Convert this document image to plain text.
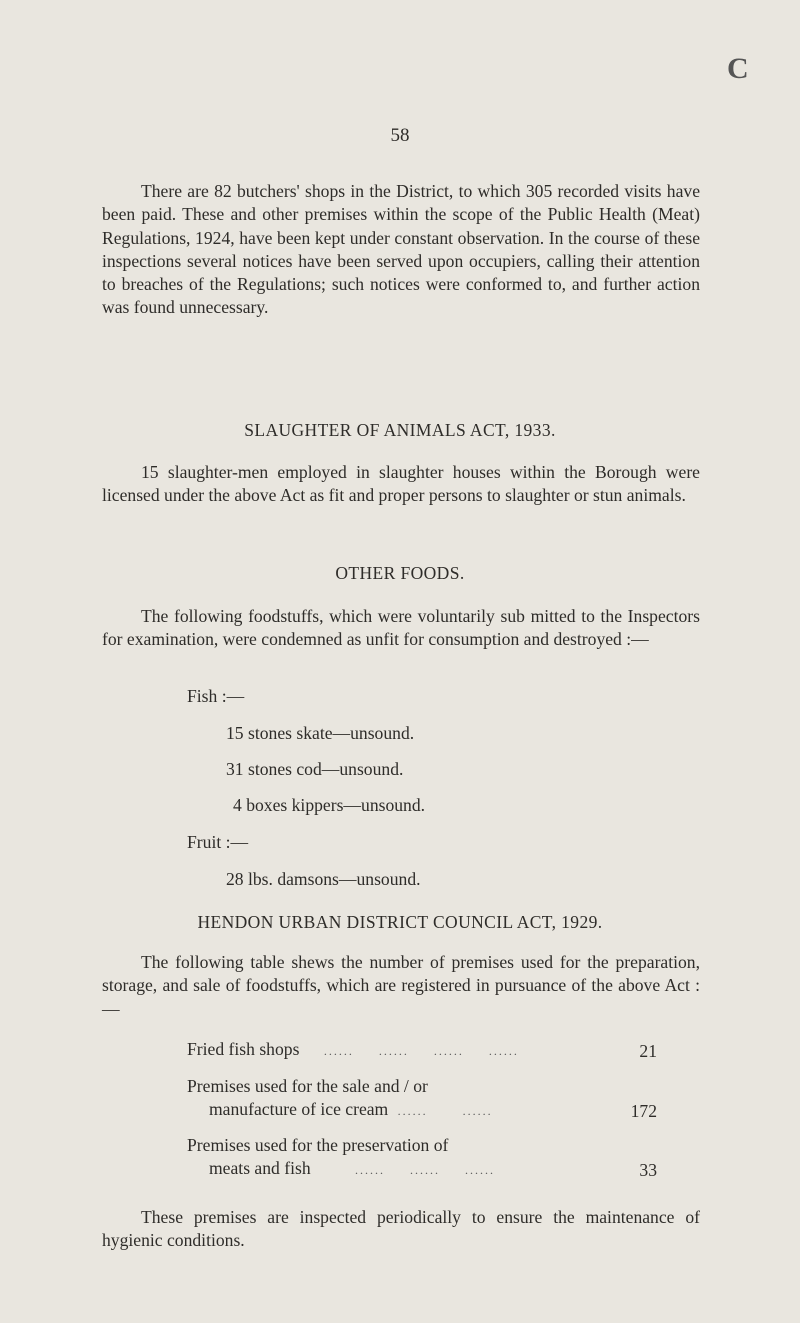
C
58
There are 82 butchers' shops in the District, to which 305 recorded visits have been paid. These and other premises within the scope of the Public Health (Meat) Regulations, 1924, have been kept under constant observation. In the course of these inspections several notices have been served upon occupiers, calling their attention to breaches of the Regulations; such notices were conformed to, and further action was found unnecessary.
SLAUGHTER OF ANIMALS ACT, 1933.
15 slaughter-men employed in slaughter houses within the Borough were licensed under the above Act as fit and proper persons to slaughter or stun animals.
OTHER FOODS.
The following foodstuffs, which were voluntarily sub mitted to the Inspectors for examination, were condemned as unfit for consumption and destroyed :—
Fish :—
15 stones skate—unsound.
31 stones cod—unsound.
4 boxes kippers—unsound.
Fruit :—
28 lbs. damsons—unsound.
HENDON URBAN DISTRICT COUNCIL ACT, 1929.
The following table shews the number of premises used for the preparation, storage, and sale of foodstuffs, which are registered in pursuance of the above Act :—
Fried fish shops     ......     ......     ......     ......	21
Premises used for the sale and / or
manufacture of ice cream  ......       ......	172
Premises used for the preservation of
meats and fish         ......     ......     ......	33
These premises are inspected periodically to ensure the maintenance of hygienic conditions.
